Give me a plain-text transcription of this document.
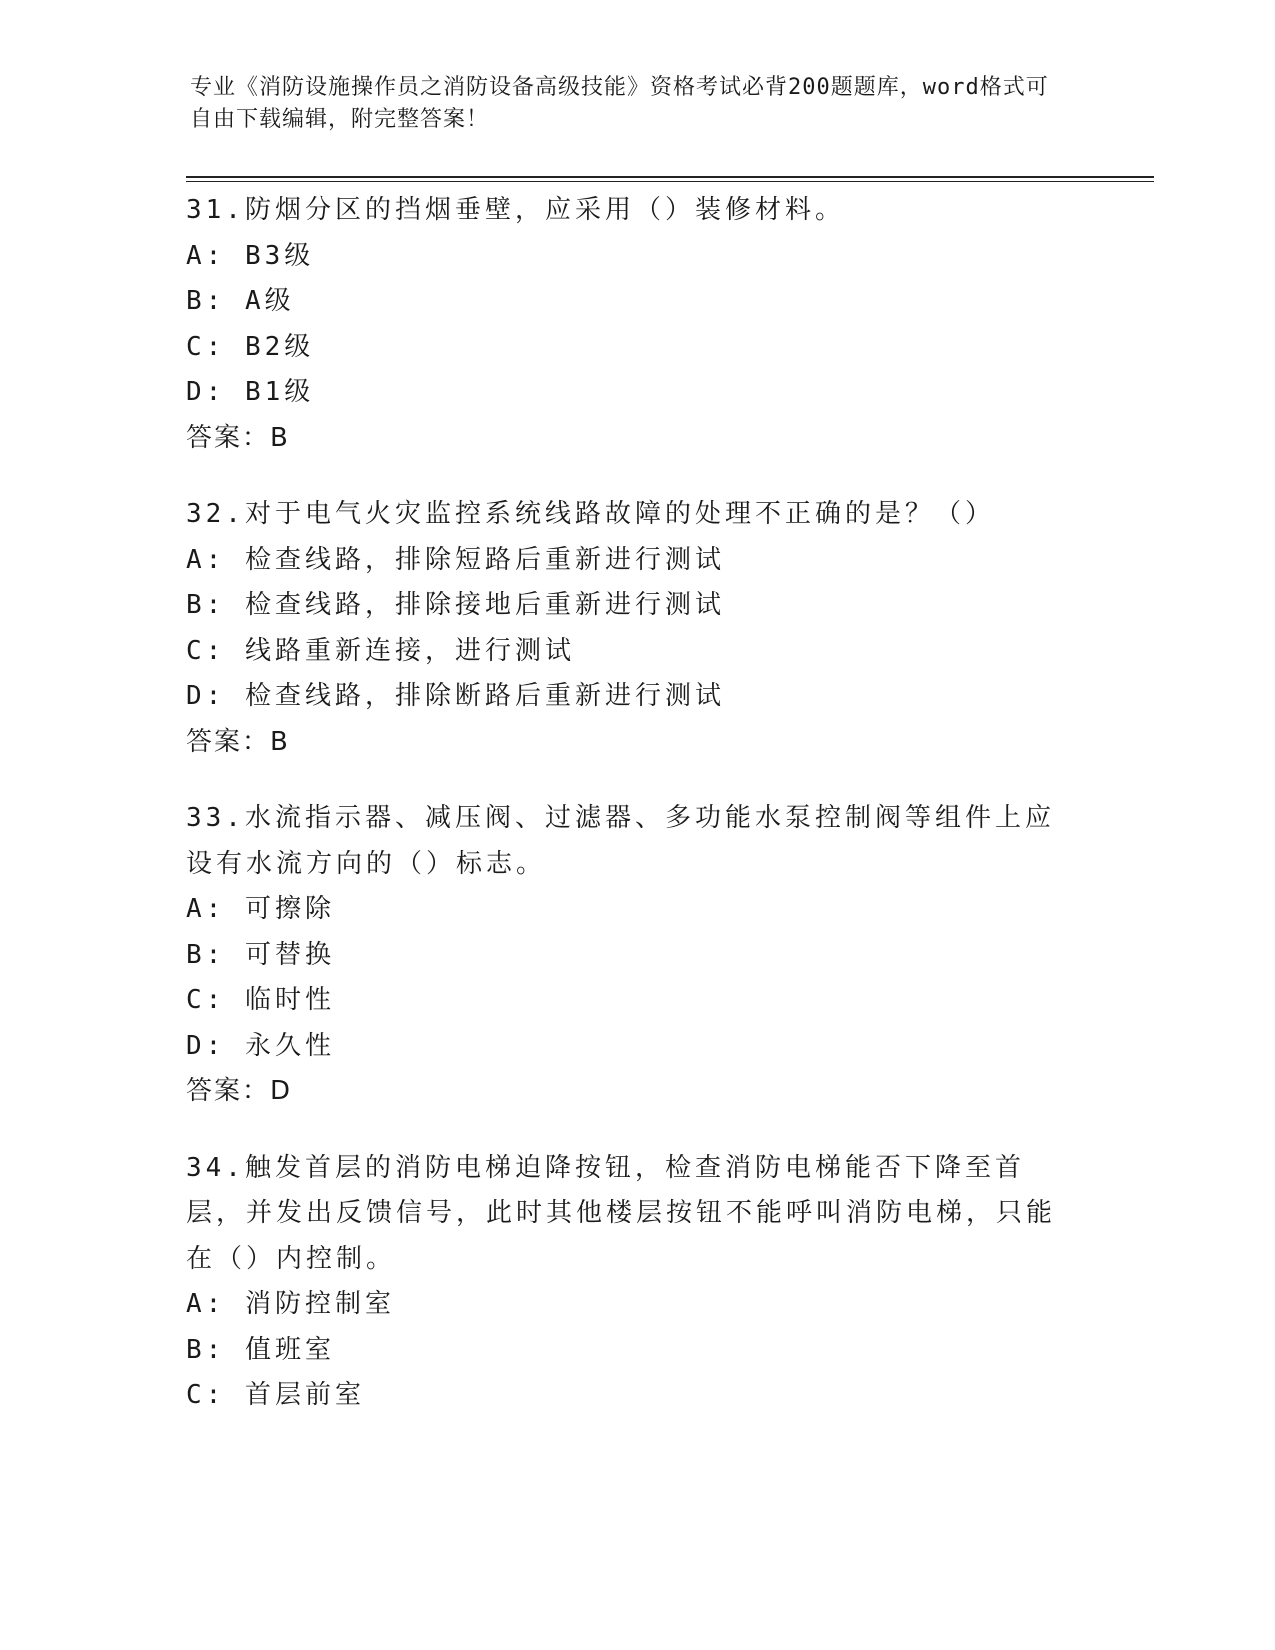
专业《消防设施操作员之消防设备高级技能》资格考试必背200题题库，word格式可自由下载编辑，附完整答案！
31.防烟分区的挡烟垂壁，应采用（）装修材料。
A: B3级
B: A级
C: B2级
D: B1级
答案：B
32.对于电气火灾监控系统线路故障的处理不正确的是？（）
A: 检查线路，排除短路后重新进行测试
B: 检查线路，排除接地后重新进行测试
C: 线路重新连接，进行测试
D: 检查线路，排除断路后重新进行测试
答案：B
33.水流指示器、减压阀、过滤器、多功能水泵控制阀等组件上应设有水流方向的（）标志。
A: 可擦除
B: 可替换
C: 临时性
D: 永久性
答案：D
34.触发首层的消防电梯迫降按钮，检查消防电梯能否下降至首层，并发出反馈信号，此时其他楼层按钮不能呼叫消防电梯，只能在（）内控制。
A: 消防控制室
B: 值班室
C: 首层前室
